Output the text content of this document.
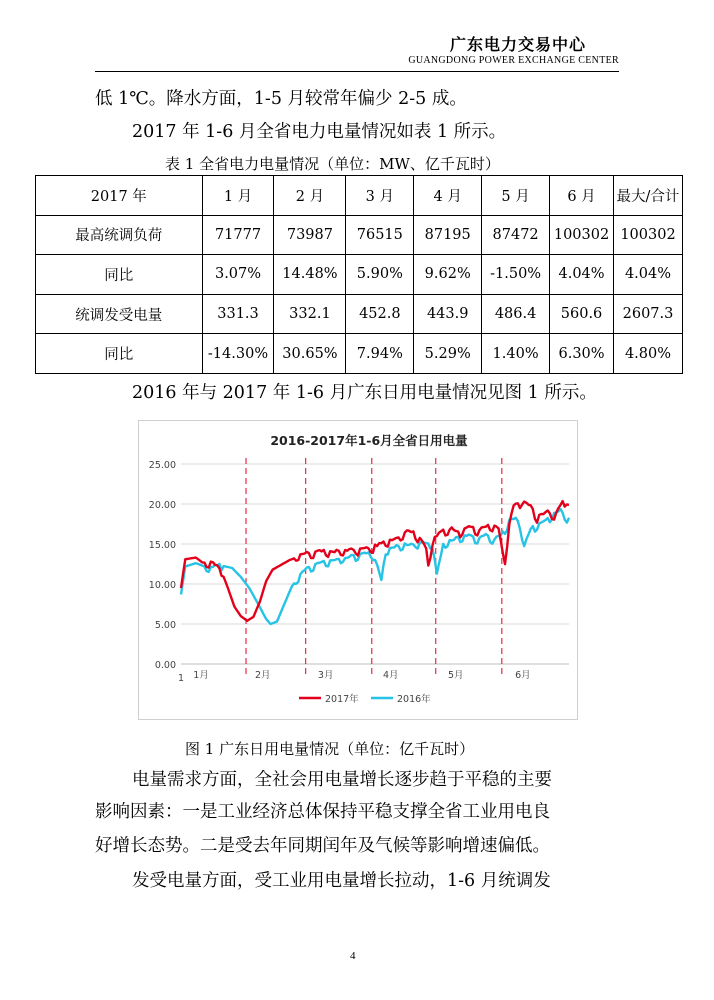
广东电力交易中心
GUANGDONG POWER EXCHANGE CENTER
低 1℃。降水方面，1-5 月较常年偏少 2-5 成。
2017 年 1-6 月全省电力电量情况如表 1 所示。
表 1 全省电力电量情况（单位：MW、亿千瓦时）
2017 年	1 月	2 月	3 月	4 月	5 月	6 月	最大/合计
最高统调负荷	71777	73987	76515	87195	87472	100302	100302
同比	3.07%	14.48%	5.90%	9.62%	-1.50%	4.04%	4.04%
统调发受电量	331.3	332.1	452.8	443.9	486.4	560.6	2607.3
同比	-14.30%	30.65%	7.94%	5.29%	1.40%	6.30%	4.80%
2016 年与 2017 年 1-6 月广东日用电量情况见图 1 所示。
2016-2017年1-6月全省日用电量
0.00
5.00
10.00
15.00
20.00
25.00
1 1月	2月	3月	4月	5月	6月
2017年	2016年
图 1 广东日用电量情况（单位：亿千瓦时）
电量需求方面，全社会用电量增长逐步趋于平稳的主要
影响因素：一是工业经济总体保持平稳支撑全省工业用电良
好增长态势。二是受去年同期闰年及气候等影响增速偏低。
发受电量方面，受工业用电量增长拉动，1-6 月统调发
4
